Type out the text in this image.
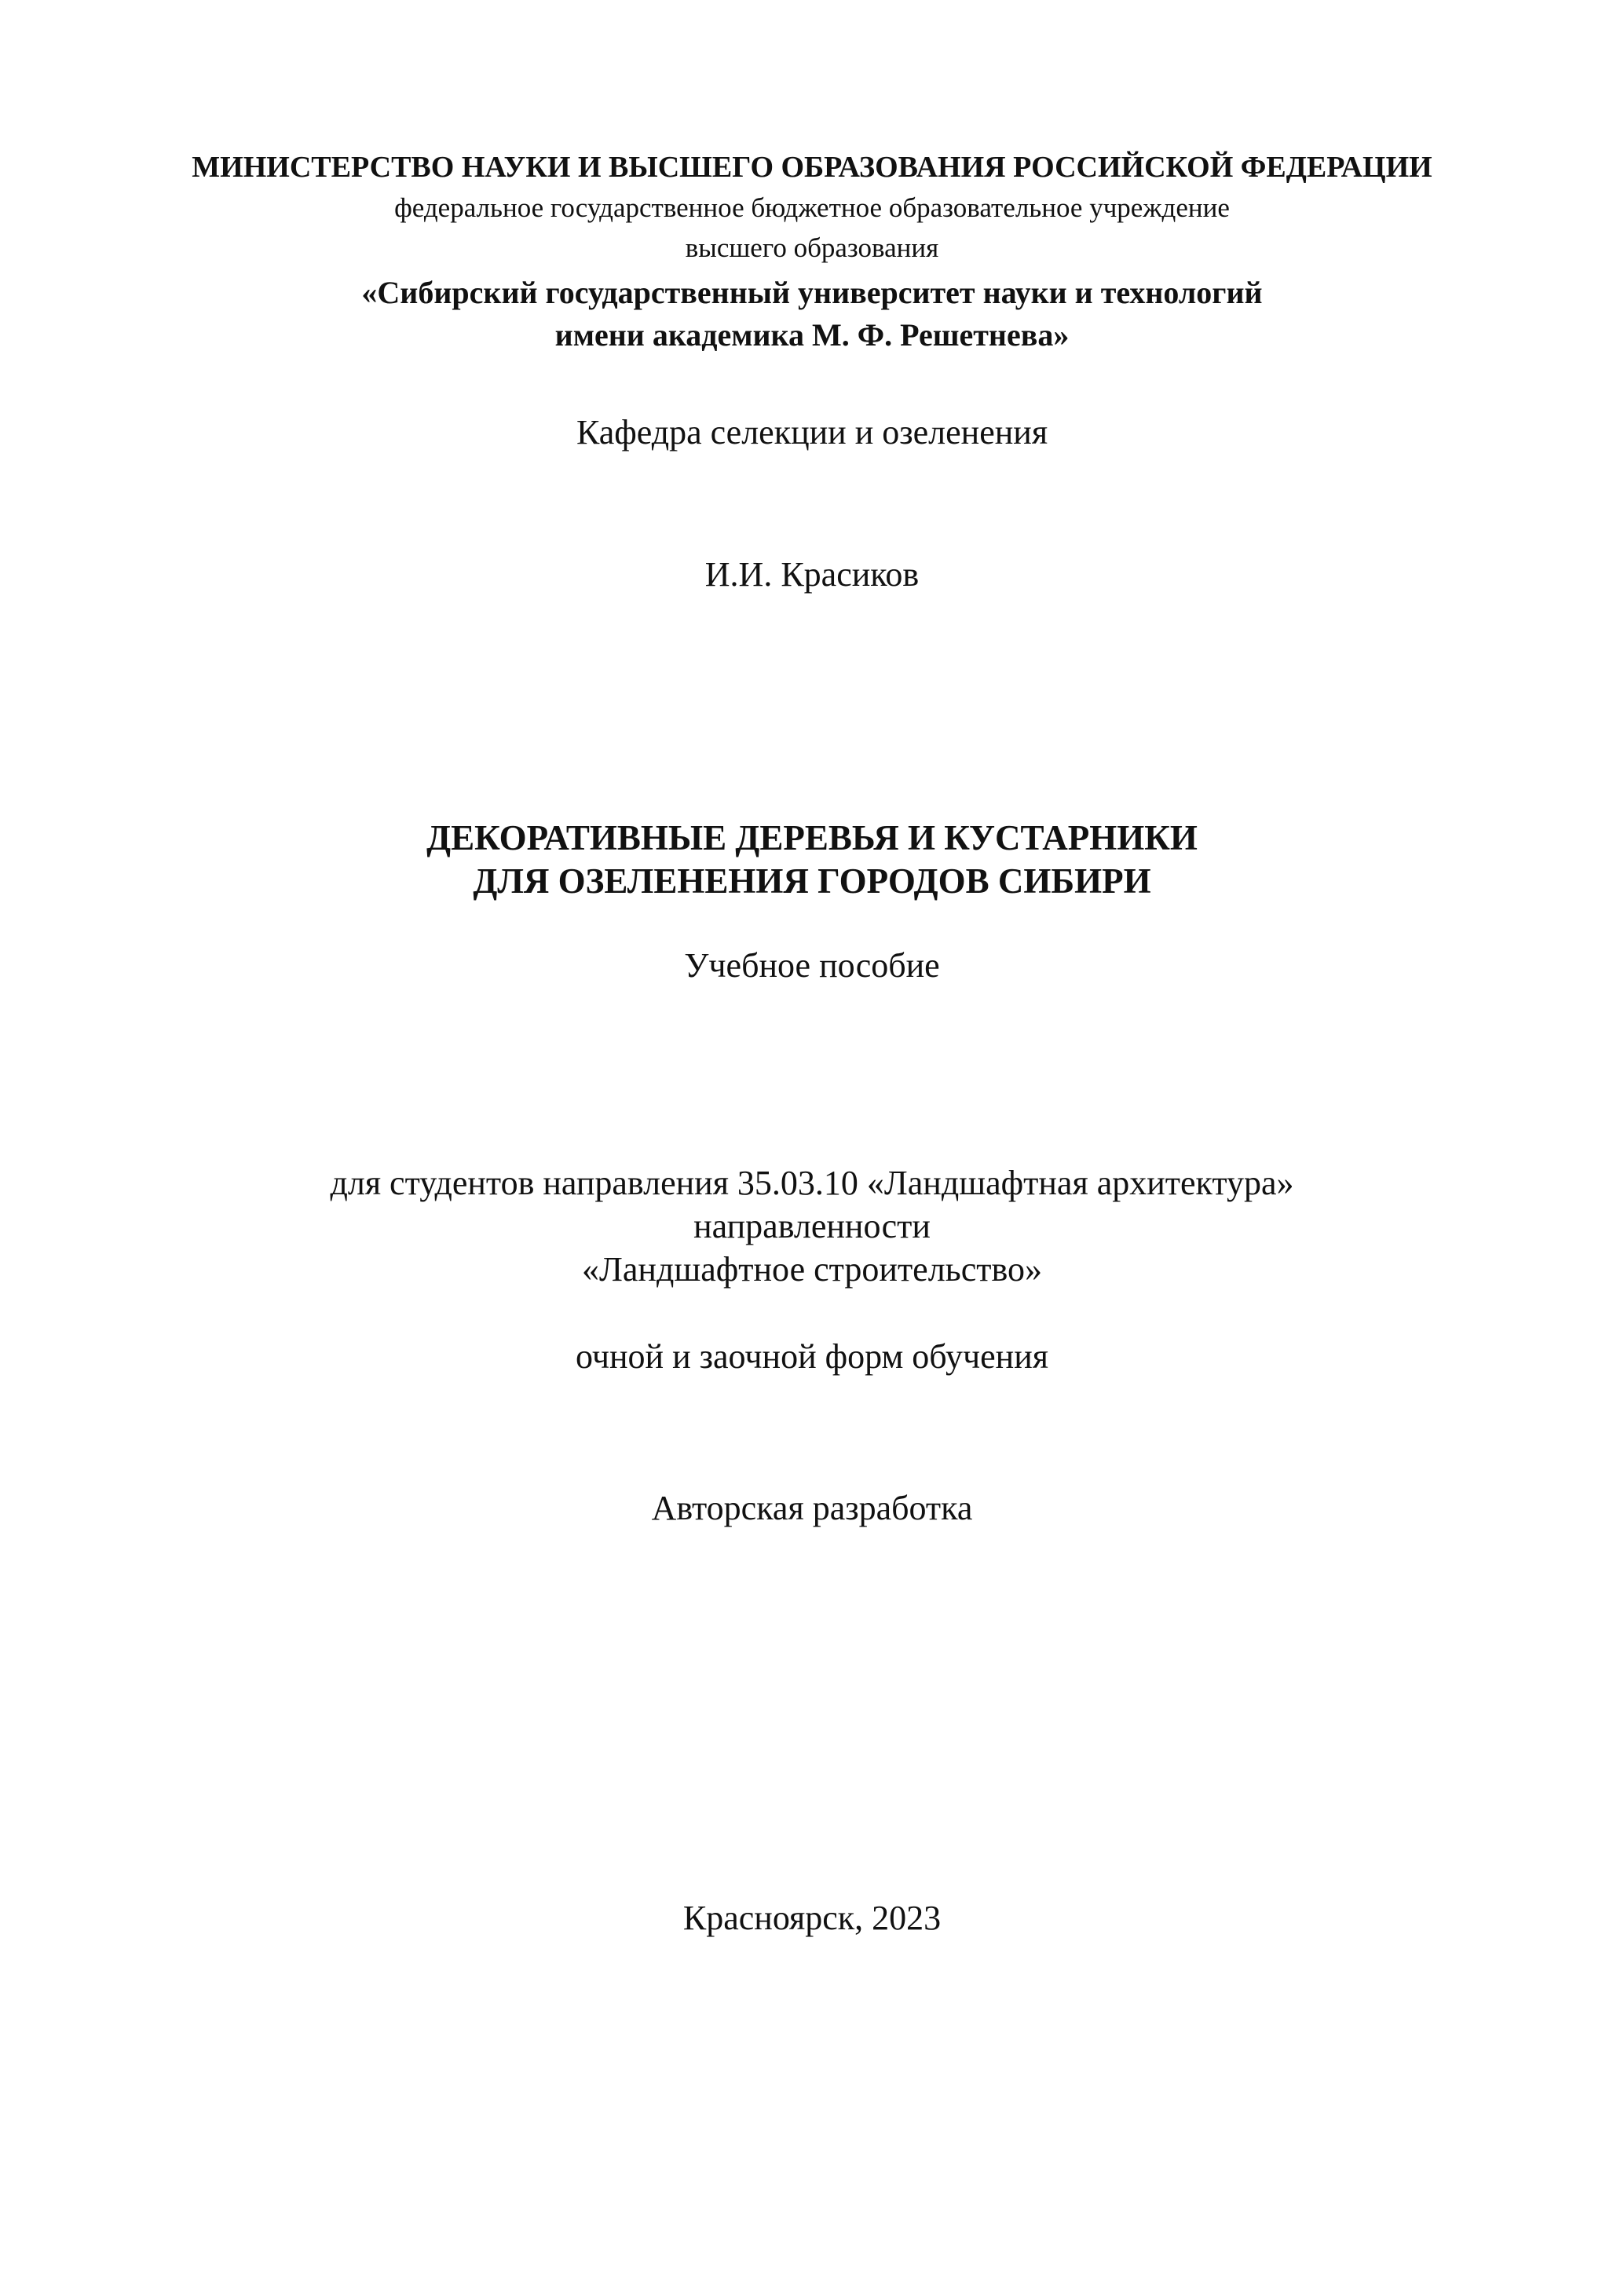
МИНИСТЕРСТВО НАУКИ И ВЫСШЕГО ОБРАЗОВАНИЯ РОССИЙСКОЙ ФЕДЕРАЦИИ
федеральное государственное бюджетное образовательное учреждение
высшего образования
«Сибирский государственный университет науки и технологий
имени академика М. Ф. Решетнева»
Кафедра селекции и озеленения
И.И. Красиков
ДЕКОРАТИВНЫЕ ДЕРЕВЬЯ И КУСТАРНИКИ
ДЛЯ ОЗЕЛЕНЕНИЯ ГОРОДОВ СИБИРИ
Учебное пособие
для студентов направления 35.03.10 «Ландшафтная архитектура»
направленности
«Ландшафтное строительство»
очной и заочной форм обучения
Авторская разработка
Красноярск, 2023
